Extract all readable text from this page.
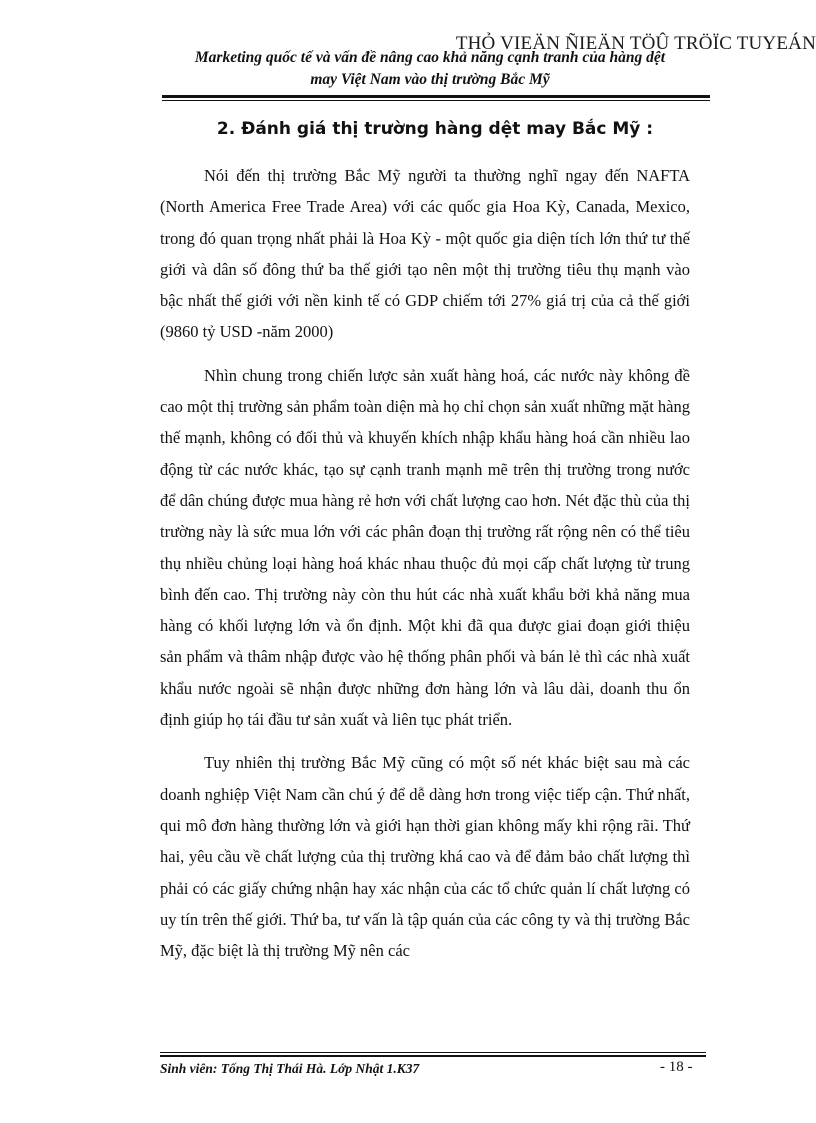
THỎ VIEÄN ÑIEÄN TÖÛ TRÖÏC TUYEÁN
Marketing quốc tế và vấn đề nâng cao khả năng cạnh tranh của hàng dệt
may Việt Nam vào thị trường Bắc Mỹ
2. Đánh giá thị trường hàng dệt may Bắc Mỹ :

Nói đến thị trường Bắc Mỹ người ta thường nghĩ ngay đến NAFTA (North America Free Trade Area) với các quốc gia Hoa Kỳ, Canada, Mexico, trong đó quan trọng nhất phải là Hoa Kỳ - một quốc gia diện tích lớn thứ tư thế giới và dân số đông thứ ba thế giới tạo nên một thị trường tiêu thụ mạnh vào bậc nhất thế giới với nền kinh tế có GDP chiếm tới 27% giá trị của cả thế giới (9860 tỷ USD -năm 2000)

Nhìn chung trong chiến lược sản xuất hàng hoá, các nước này không đề cao một thị trường sản phẩm toàn diện mà họ chỉ chọn sản xuất những mặt hàng thế mạnh, không có đối thủ và khuyến khích nhập khẩu hàng hoá cần nhiều lao động từ các nước khác, tạo sự cạnh tranh mạnh mẽ trên thị trường trong nước để dân chúng được mua hàng rẻ hơn với chất lượng cao hơn. Nét đặc thù của thị trường này là sức mua lớn với các phân đoạn thị trường rất rộng nên có thể tiêu thụ nhiều chủng loại hàng hoá khác nhau thuộc đủ mọi cấp chất lượng từ trung bình đến cao. Thị trường này còn thu hút các nhà xuất khẩu bởi khả năng mua hàng có khối lượng lớn và ổn định. Một khi đã qua được giai đoạn giới thiệu sản phẩm và thâm nhập được vào hệ thống phân phối và bán lẻ thì các nhà xuất khẩu nước ngoài sẽ nhận được những đơn hàng lớn và lâu dài, doanh thu ổn định giúp họ tái đầu tư sản xuất và liên tục phát triển.

Tuy nhiên thị trường Bắc Mỹ cũng có một số nét khác biệt sau mà các doanh nghiệp Việt Nam cần chú ý để dễ dàng hơn trong việc tiếp cận. Thứ nhất, qui mô đơn hàng thường lớn và giới hạn thời gian không mấy khi rộng rãi. Thứ hai, yêu cầu về chất lượng của thị trường khá cao và để đảm bảo chất lượng thì phải có các giấy chứng nhận hay xác nhận của các tổ chức quản lí chất lượng có uy tín trên thế giới. Thứ ba, tư vấn là tập quán của các công ty và thị trường Bắc Mỹ, đặc biệt là thị trường Mỹ nên các

Sinh viên: Tống Thị Thái Hà. Lớp Nhật 1.K37	- 18 -
